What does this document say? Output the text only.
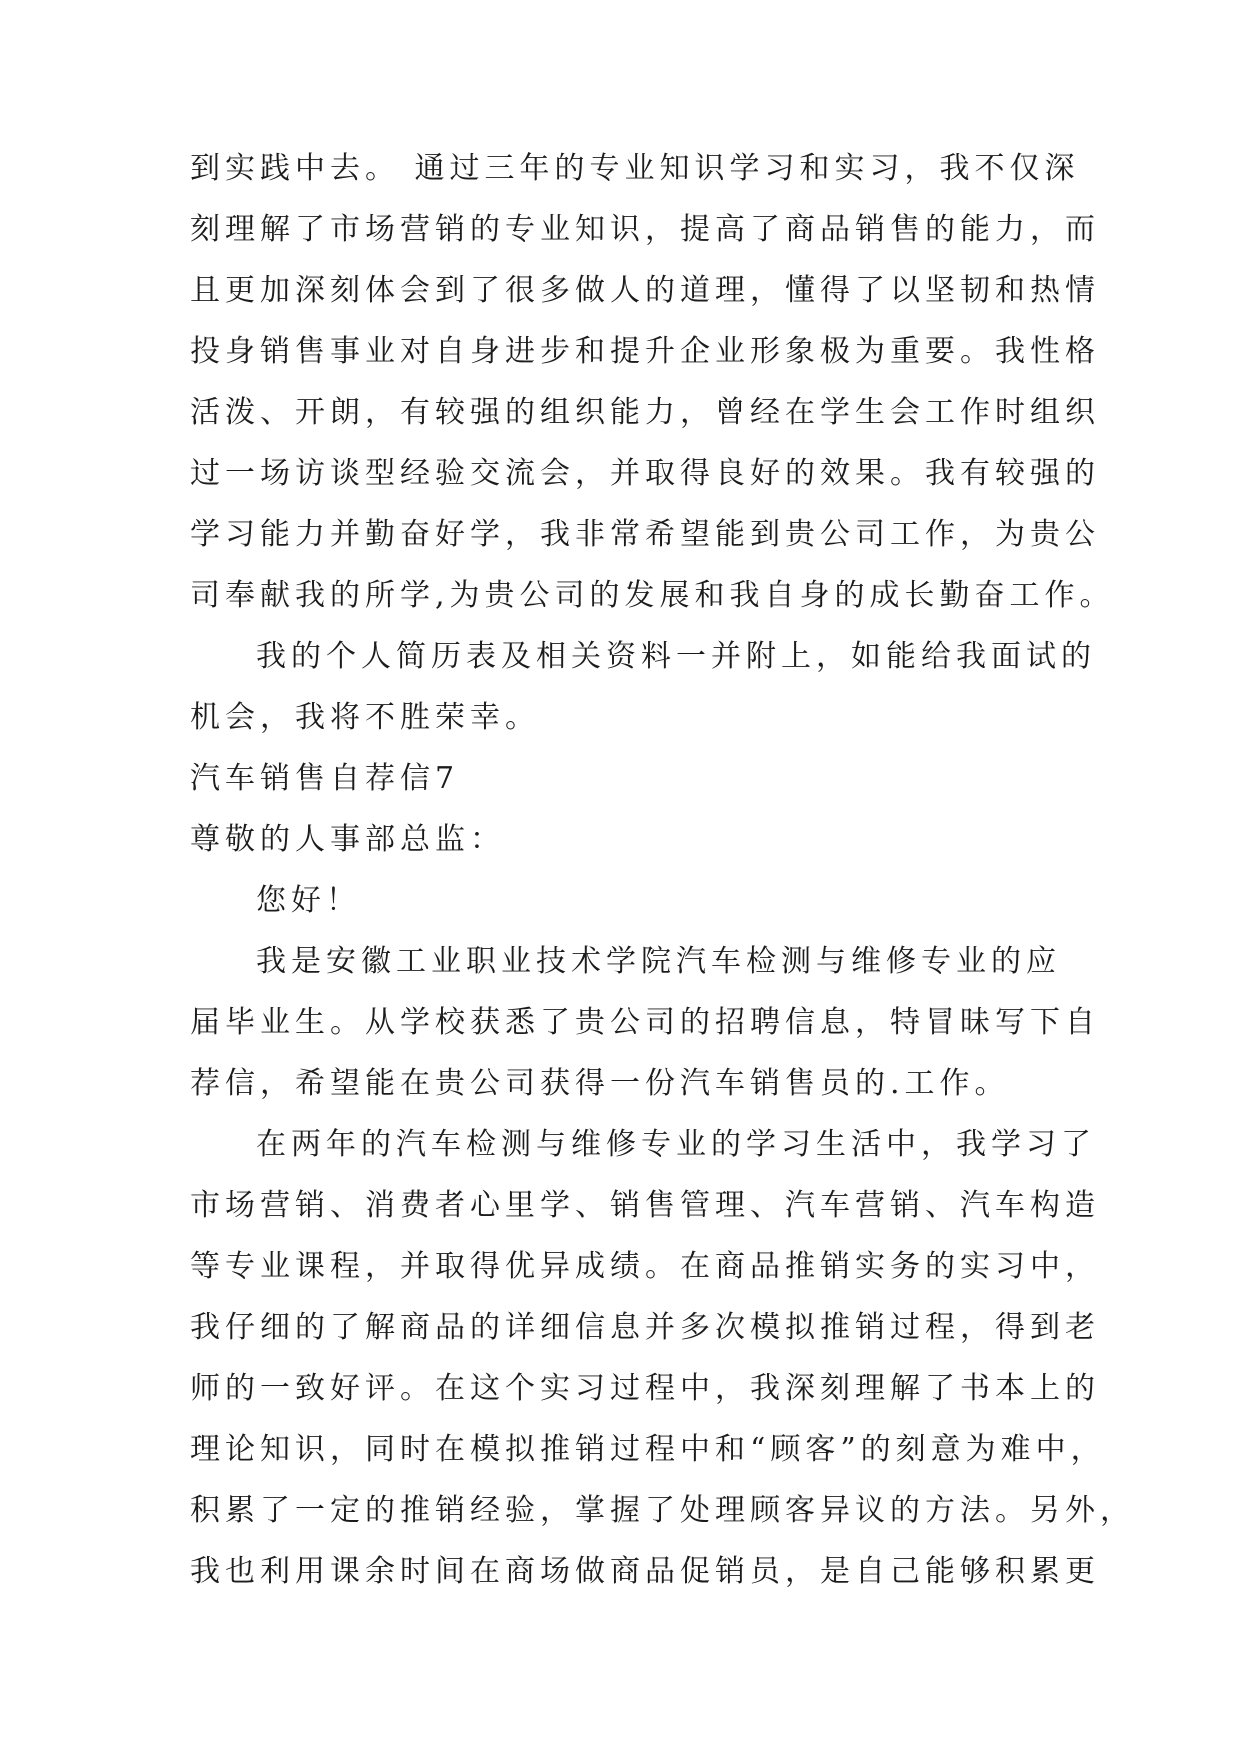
到实践中去。 通过三年的专业知识学习和实习，我不仅深
刻理解了市场营销的专业知识，提高了商品销售的能力，而
且更加深刻体会到了很多做人的道理，懂得了以坚韧和热情
投身销售事业对自身进步和提升企业形象极为重要。我性格
活泼、开朗，有较强的组织能力，曾经在学生会工作时组织
过一场访谈型经验交流会，并取得良好的效果。我有较强的
学习能力并勤奋好学，我非常希望能到贵公司工作，为贵公
司奉献我的所学,为贵公司的发展和我自身的成长勤奋工作。
我的个人简历表及相关资料一并附上，如能给我面试的
机会，我将不胜荣幸。
汽车销售自荐信7
尊敬的人事部总监：
您好！
我是安徽工业职业技术学院汽车检测与维修专业的应
届毕业生。从学校获悉了贵公司的招聘信息，特冒昧写下自
荐信，希望能在贵公司获得一份汽车销售员的.工作。
在两年的汽车检测与维修专业的学习生活中，我学习了
市场营销、消费者心里学、销售管理、汽车营销、汽车构造
等专业课程，并取得优异成绩。在商品推销实务的实习中，
我仔细的了解商品的详细信息并多次模拟推销过程，得到老
师的一致好评。在这个实习过程中，我深刻理解了书本上的
理论知识，同时在模拟推销过程中和“顾客”的刻意为难中，
积累了一定的推销经验，掌握了处理顾客异议的方法。另外，
我也利用课余时间在商场做商品促销员，是自己能够积累更
